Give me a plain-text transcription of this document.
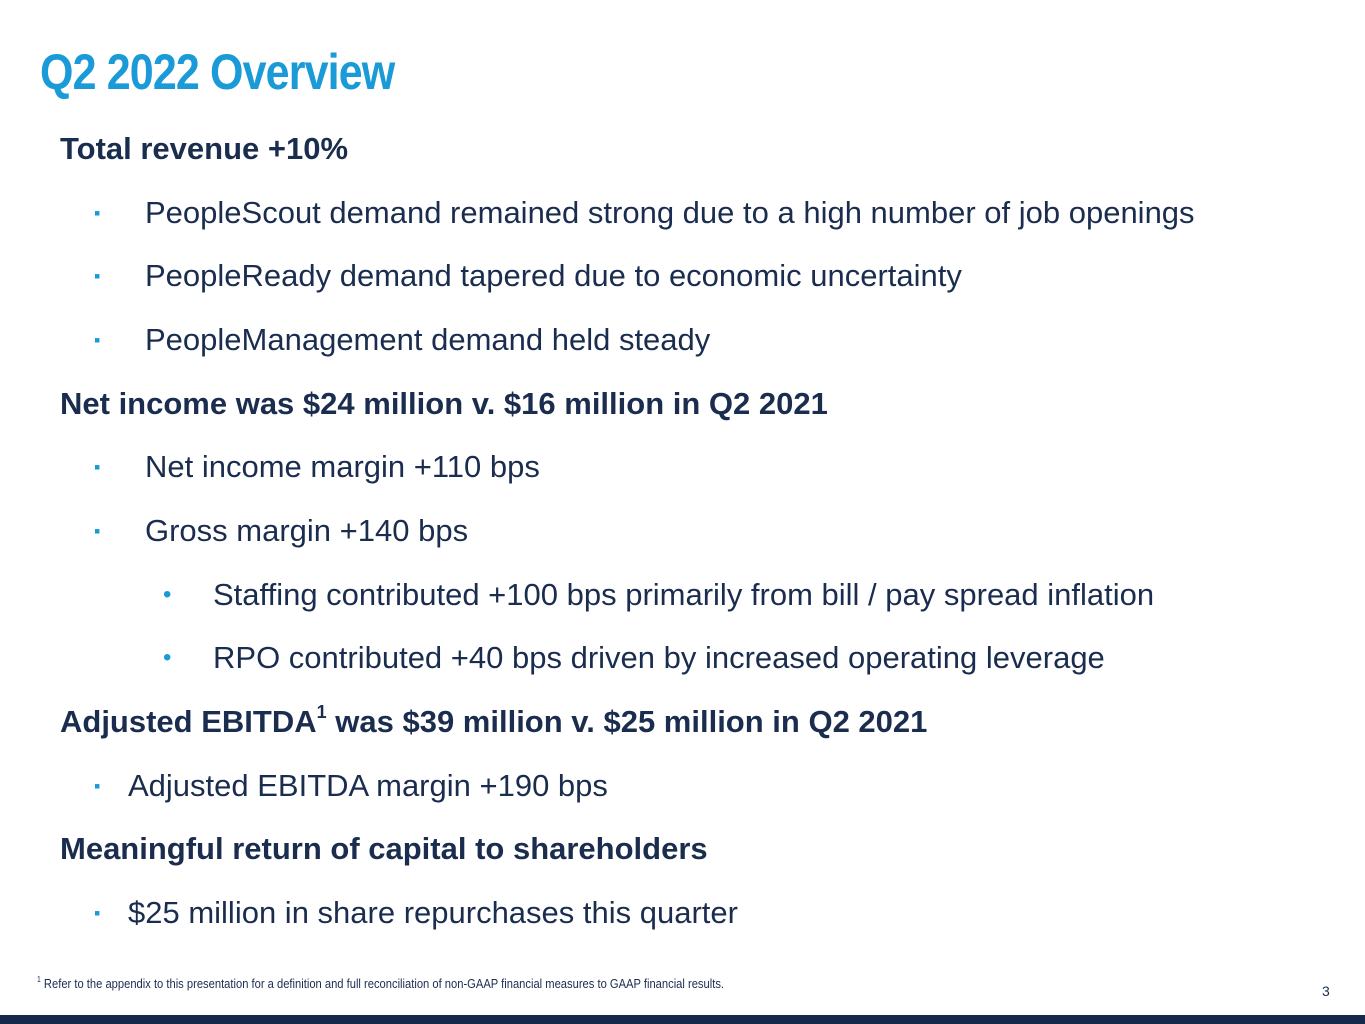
Q2 2022 Overview
Total revenue +10%
▪ PeopleScout demand remained strong due to a high number of job openings
▪ PeopleReady demand tapered due to economic uncertainty
▪ PeopleManagement demand held steady
Net income was $24 million v. $16 million in Q2 2021
▪ Net income margin +110 bps
▪ Gross margin +140 bps
• Staffing contributed +100 bps primarily from bill / pay spread inflation
• RPO contributed +40 bps driven by increased operating leverage
Adjusted EBITDA$^1$ was $39 million v. $25 million in Q2 2021
▪ Adjusted EBITDA margin +190 bps
Meaningful return of capital to shareholders
▪ $25 million in share repurchases this quarter
$^1$ Refer to the appendix to this presentation for a definition and full reconciliation of non-GAAP financial measures to GAAP financial results.	3
